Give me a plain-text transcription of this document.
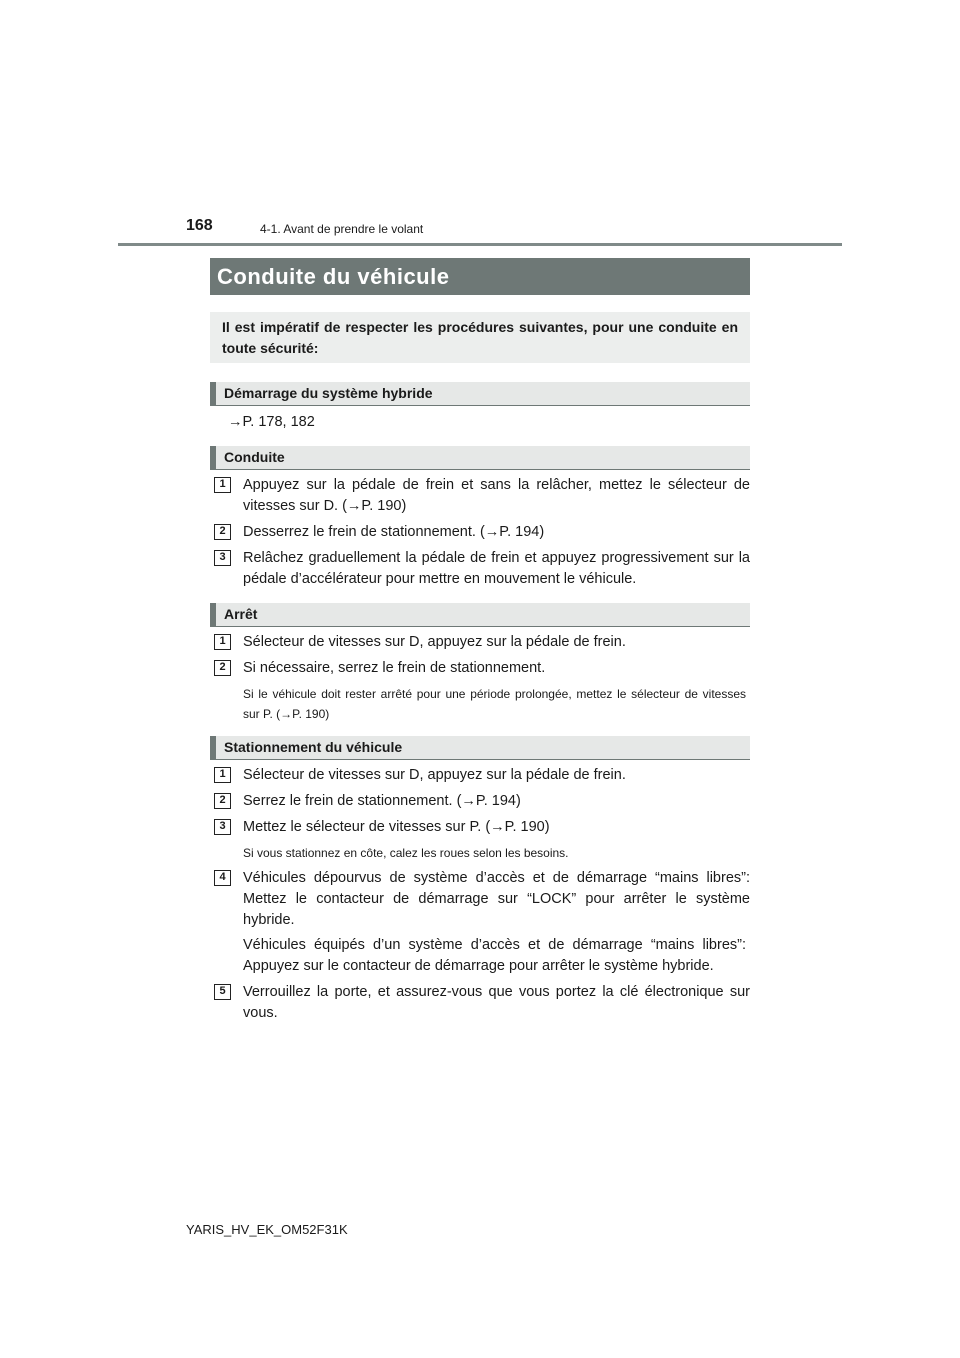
168	4-1. Avant de prendre le volant
Conduite du véhicule
Il est impératif de respecter les procédures suivantes, pour une conduite en toute sécurité:
Démarrage du système hybride
→P. 178, 182
Conduite
1	Appuyez sur la pédale de frein et sans la relâcher, mettez le sélecteur de vitesses sur D. (→P. 190)
2	Desserrez le frein de stationnement. (→P. 194)
3	Relâchez graduellement la pédale de frein et appuyez progressivement sur la pédale d’accélérateur pour mettre en mouvement le véhicule.
Arrêt
1	Sélecteur de vitesses sur D, appuyez sur la pédale de frein.
2	Si nécessaire, serrez le frein de stationnement.
Si le véhicule doit rester arrêté pour une période prolongée, mettez le sélecteur de vitesses sur P. (→P. 190)
Stationnement du véhicule
1	Sélecteur de vitesses sur D, appuyez sur la pédale de frein.
2	Serrez le frein de stationnement. (→P. 194)
3	Mettez le sélecteur de vitesses sur P. (→P. 190)
Si vous stationnez en côte, calez les roues selon les besoins.
4	Véhicules dépourvus de système d’accès et de démarrage “mains libres”: Mettez le contacteur de démarrage sur “LOCK” pour arrêter le système hybride.
Véhicules équipés d’un système d’accès et de démarrage “mains libres”: Appuyez sur le contacteur de démarrage pour arrêter le système hybride.
5	Verrouillez la porte, et assurez-vous que vous portez la clé électronique sur vous.
YARIS_HV_EK_OM52F31K
